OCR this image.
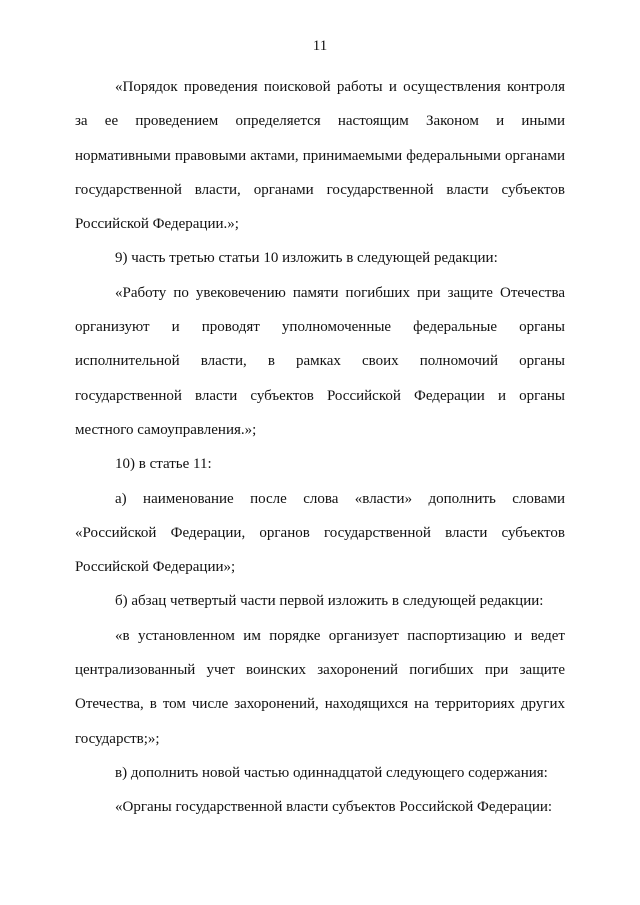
11

«Порядок проведения поисковой работы и осуществления контроля за ее проведением определяется настоящим Законом и иными нормативными правовыми актами, принимаемыми федеральными органами государственной власти, органами государственной власти субъектов Российской Федерации.»;

9) часть третью статьи 10 изложить в следующей редакции:

«Работу по увековечению памяти погибших при защите Отечества организуют и проводят уполномоченные федеральные органы исполнительной власти, в рамках своих полномочий органы государственной власти субъектов Российской Федерации и органы местного самоуправления.»;

10) в статье 11:

а) наименование после слова «власти» дополнить словами «Российской Федерации, органов государственной власти субъектов Российской Федерации»;

б) абзац четвертый части первой изложить в следующей редакции:

«в установленном им порядке организует паспортизацию и ведет централизованный учет воинских захоронений погибших при защите Отечества, в том числе захоронений, находящихся на территориях других государств;»;

в) дополнить новой частью одиннадцатой следующего содержания:

«Органы государственной власти субъектов Российской Федерации:
